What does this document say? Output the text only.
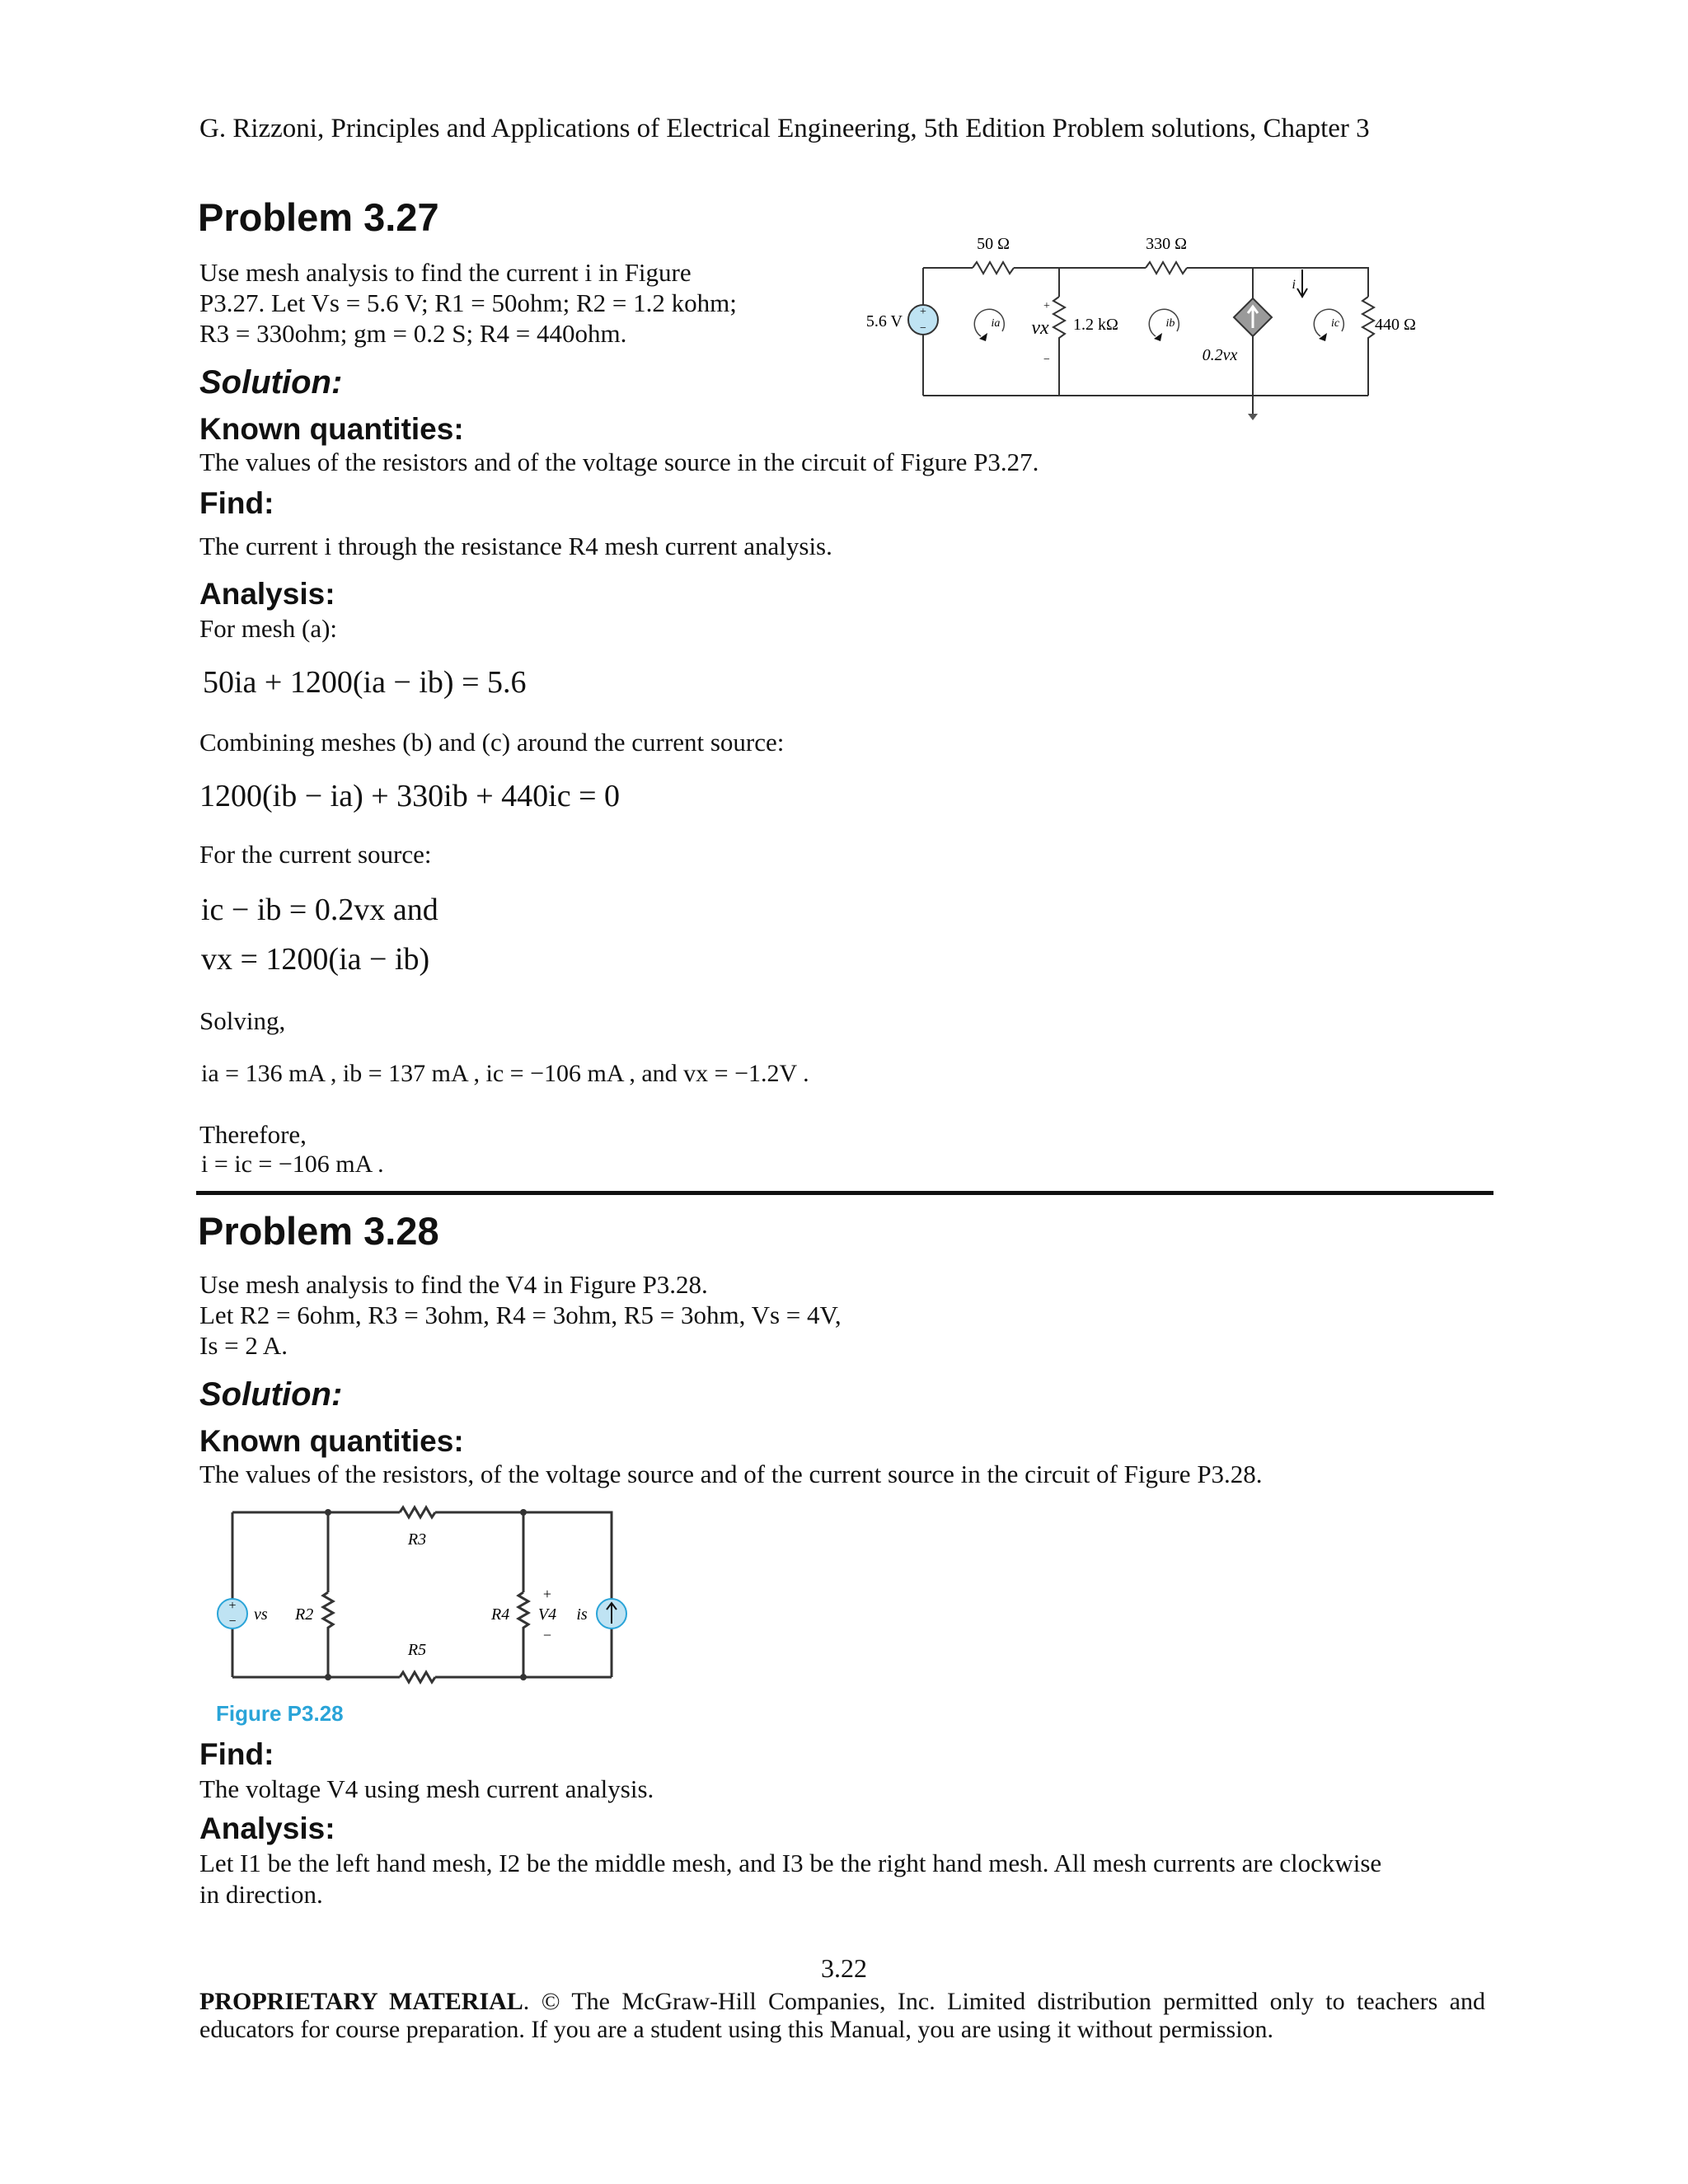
G. Rizzoni, Principles and Applications of Electrical Engineering, 5th Edition Problem solutions, Chapter 3
Problem 3.27
Use mesh analysis to find the current i in Figure
P3.27. Let Vs = 5.6 V; R1 = 50ohm; R2 = 1.2 kohm;
R3 = 330ohm; gm = 0.2 S; R4 = 440ohm.
50 Ω	330 Ω
5.6 V
+
−	1.2 kΩ	440 Ω
0.2vx
ia	ib	ic
vx
+
−
i
Solution:
Known quantities:
The values of the resistors and of the voltage source in the circuit of Figure P3.27.
Find:
The current i through the resistance R4 mesh current analysis.
Analysis:
For mesh (a):
50ia + 1200(ia − ib) = 5.6
Combining meshes (b) and (c) around the current source:
1200(ib − ia) + 330ib + 440ic = 0
For the current source:
ic − ib = 0.2vx and
vx = 1200(ia − ib)
Solving,
ia = 136 mA , ib = 137 mA , ic = −106 mA , and vx = −1.2V .
Therefore,
i = ic = −106 mA .
Problem 3.28
Use mesh analysis to find the V4 in Figure P3.28.
Let R2 = 6ohm, R3 = 3ohm, R4 = 3ohm, R5 = 3ohm, Vs = 4V,
Is = 2 A.
Solution:
Known quantities:
The values of the resistors, of the voltage source and of the current source in the circuit of Figure P3.28.
+
− vs R2
R3
R4
R5
+
V4
−
is
Figure P3.28
Find:
The voltage V4 using mesh current analysis.
Analysis:
Let I1 be the left hand mesh, I2 be the middle mesh, and I3 be the right hand mesh. All mesh currents are clockwise
in direction.
3.22
PROPRIETARY MATERIAL. © The McGraw-Hill Companies, Inc. Limited distribution permitted only to teachers and educators for course preparation. If you are a student using this Manual, you are using it without permission.
